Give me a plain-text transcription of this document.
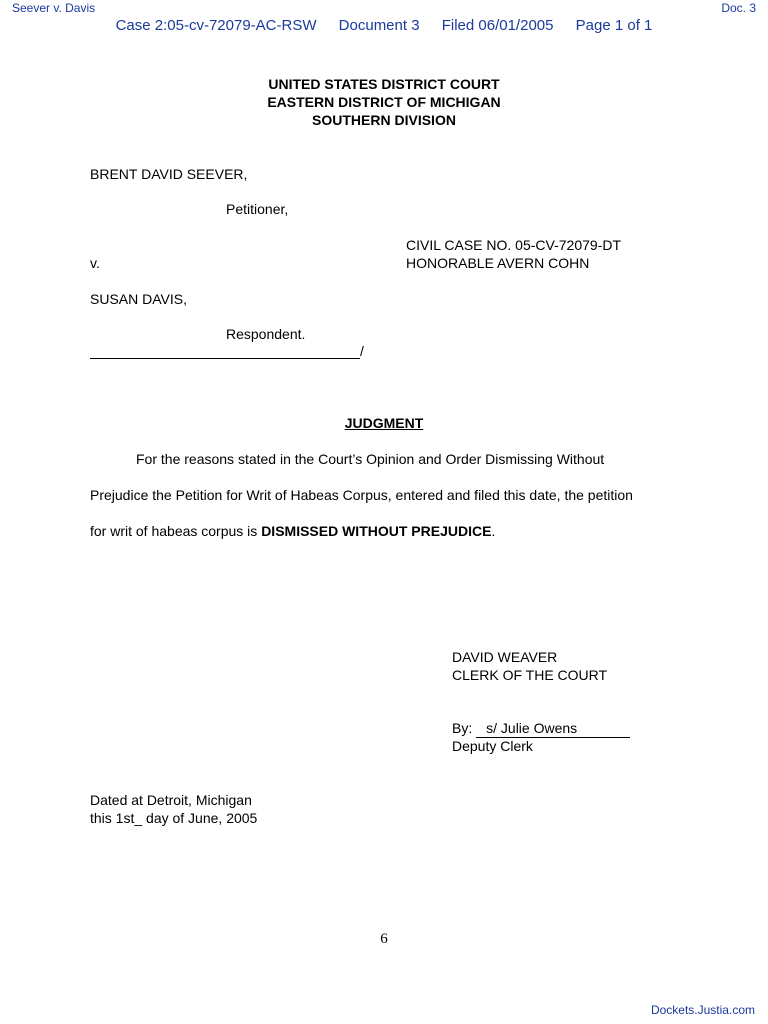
Seever v. Davis	Doc. 3
Case 2:05-cv-72079-AC-RSW Document 3 Filed 06/01/2005 Page 1 of 1
UNITED STATES DISTRICT COURT
EASTERN DISTRICT OF MICHIGAN
SOUTHERN DIVISION
BRENT DAVID SEEVER,
Petitioner,
CIVIL CASE NO. 05-CV-72079-DT
v.	HONORABLE AVERN COHN
SUSAN DAVIS,
Respondent.
/
JUDGMENT
For the reasons stated in the Court’s Opinion and Order Dismissing Without
Prejudice the Petition for Writ of Habeas Corpus, entered and filed this date, the petition
for writ of habeas corpus is DISMISSED WITHOUT PREJUDICE.
DAVID WEAVER
CLERK OF THE COURT
By: s/ Julie Owens
Deputy Clerk
Dated at Detroit, Michigan
this 1st_ day of June, 2005
6
Dockets.Justia.com
